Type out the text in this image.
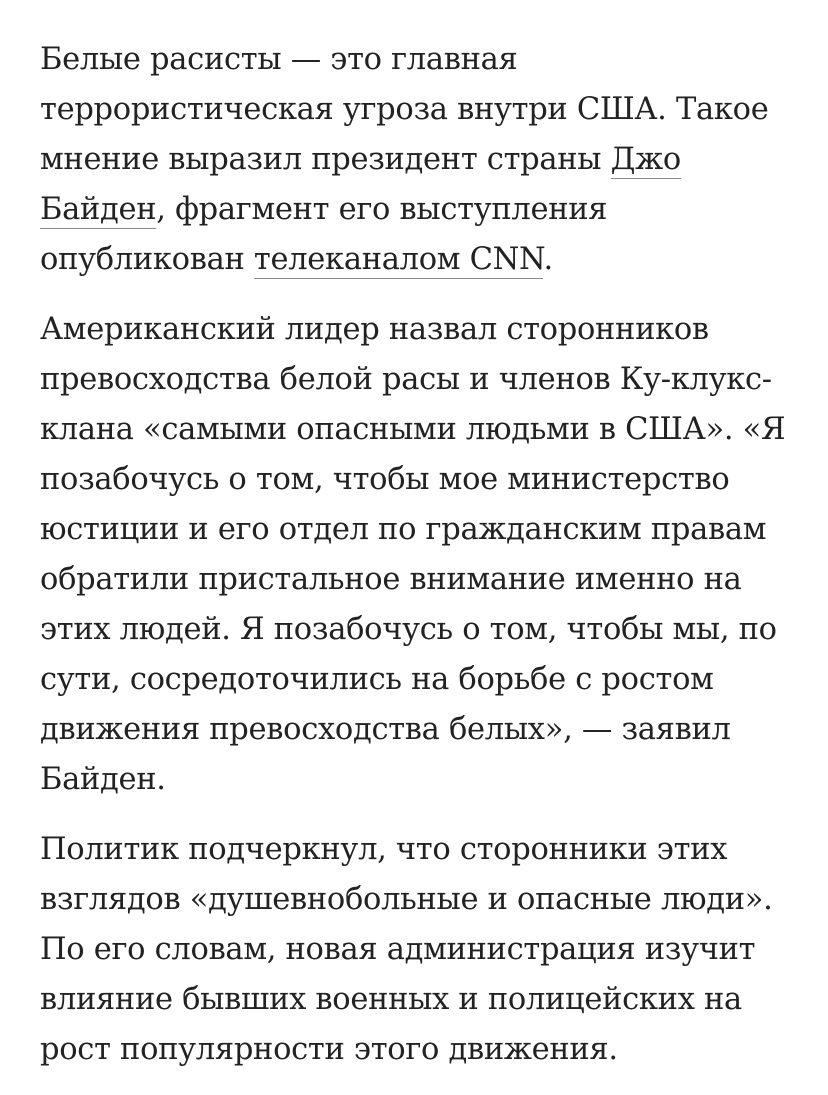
Белые расисты — это главная террористическая угроза внутри США. Такое мнение выразил президент страны Джо Байден, фрагмент его выступления опубликован телеканалом CNN.

Американский лидер назвал сторонников превосходства белой расы и членов Ку-клукс-клана «самыми опасными людьми в США». «Я позабочусь о том, чтобы мое министерство юстиции и его отдел по гражданским правам обратили пристальное внимание именно на этих людей. Я позабочусь о том, чтобы мы, по сути, сосредоточились на борьбе с ростом движения превосходства белых», — заявил Байден.

Политик подчеркнул, что сторонники этих взглядов «душевнобольные и опасные люди». По его словам, новая администрация изучит влияние бывших военных и полицейских на рост популярности этого движения.
